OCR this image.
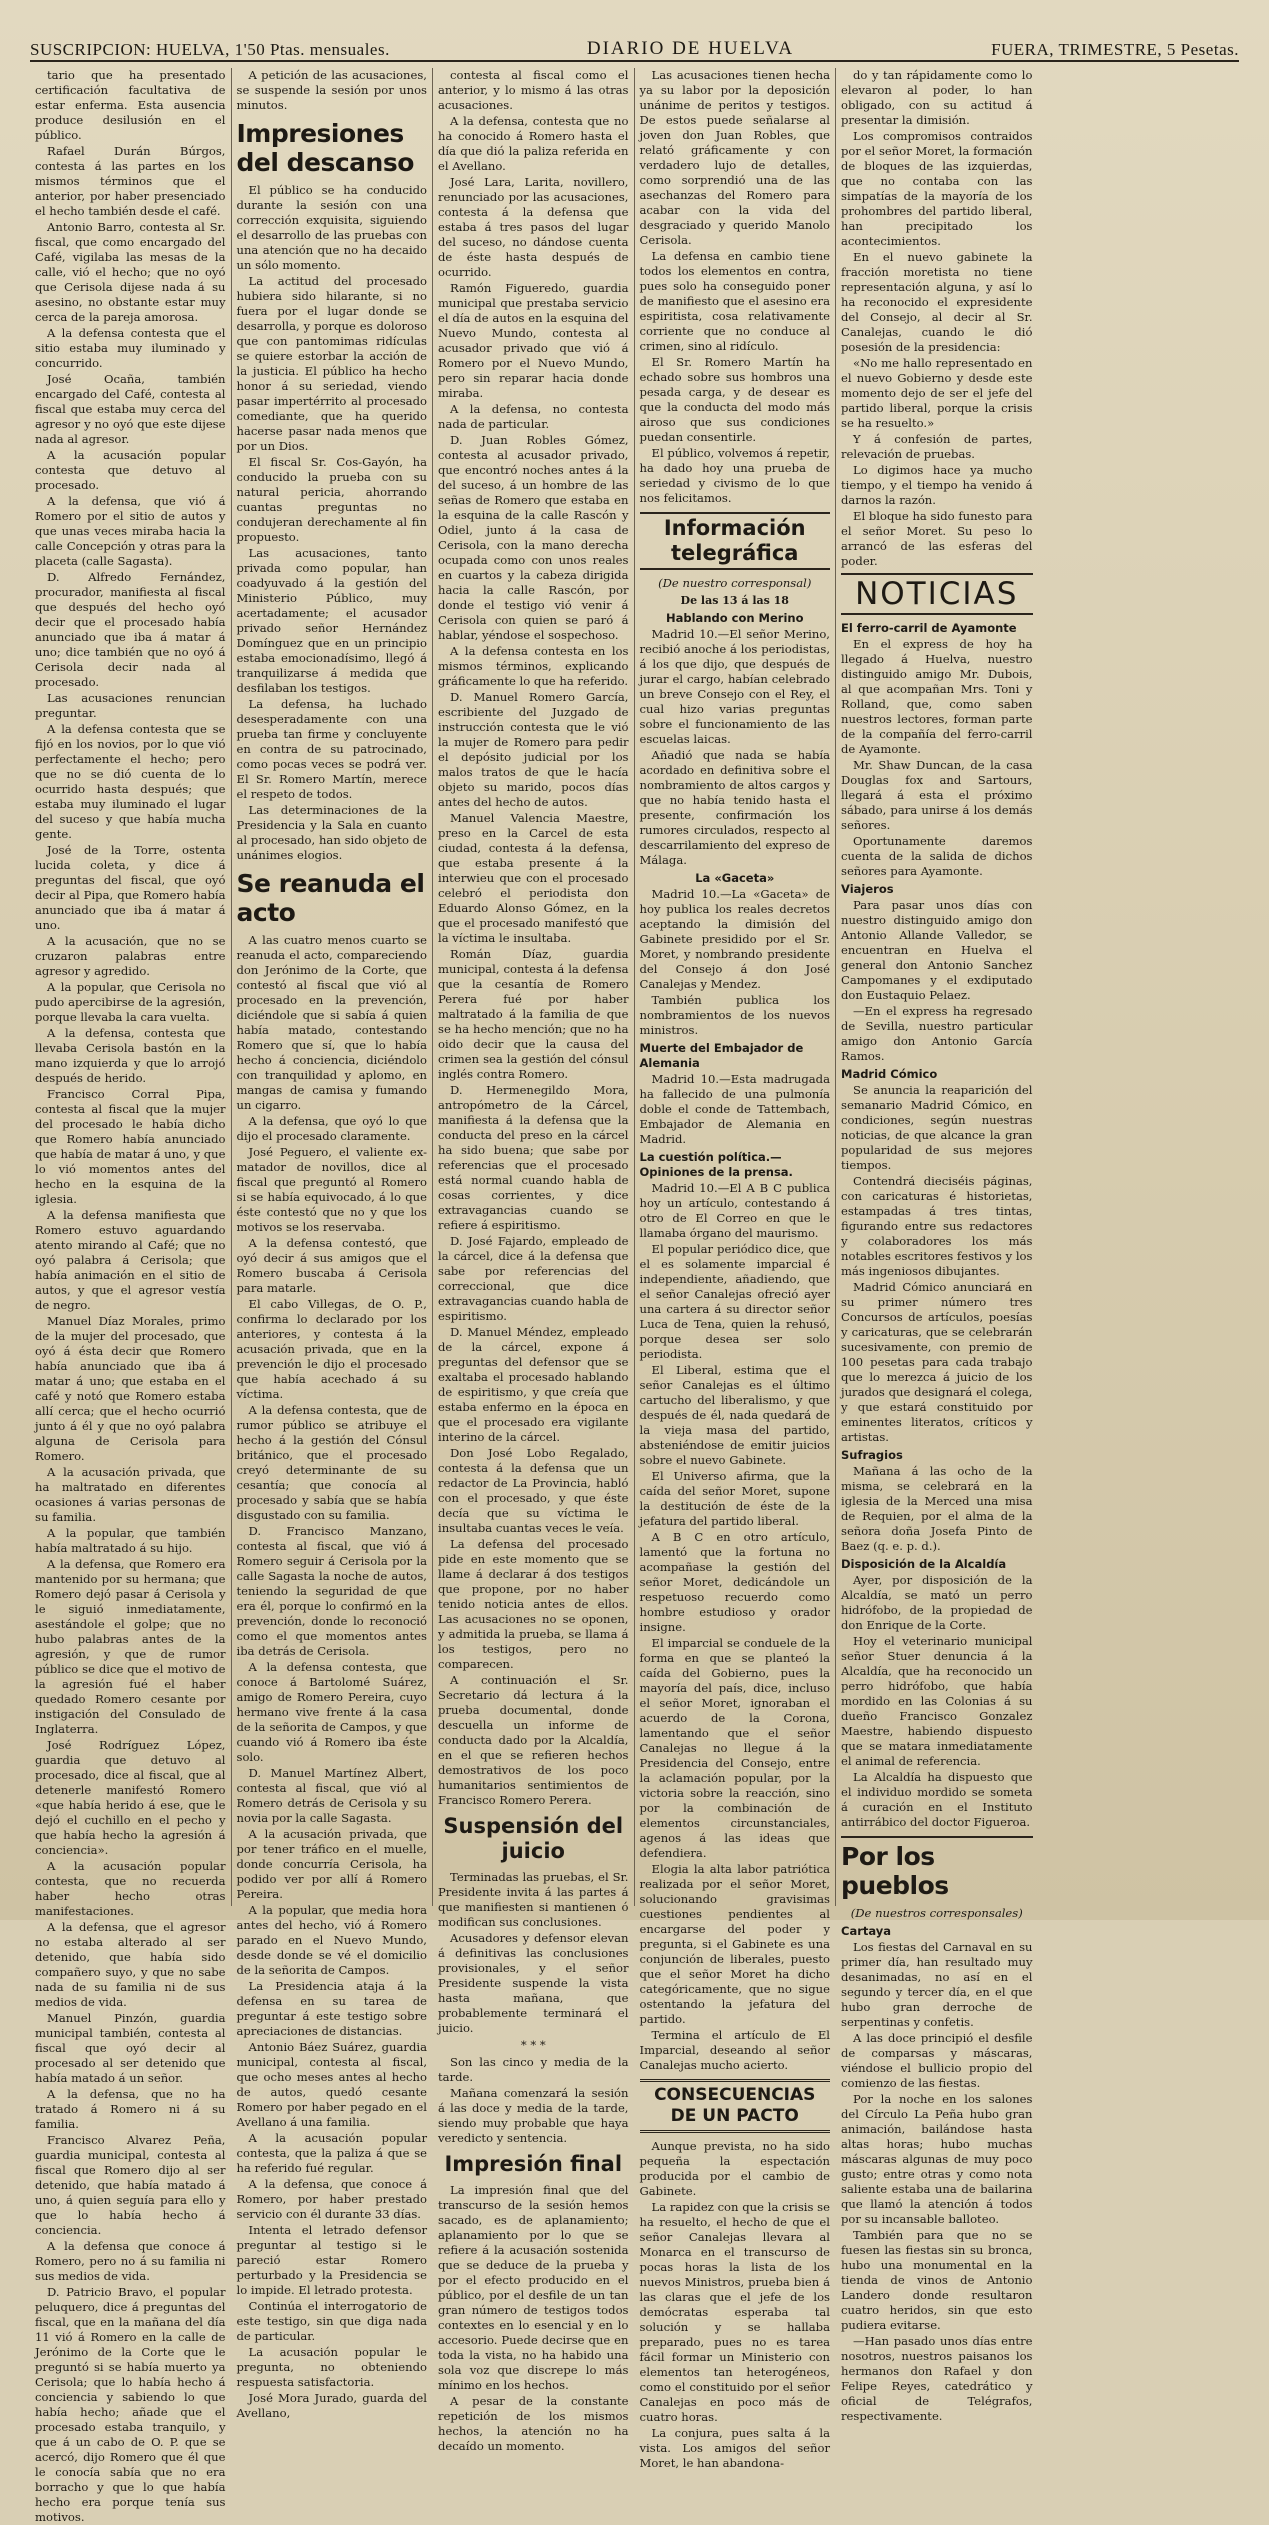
SUSCRIPCION: HUELVA, 1'50 Ptas. mensuales.	DIARIO DE HUELVA	FUERA, TRIMESTRE, 5 Pesetas.

tario que ha presentado certificación facultativa de estar enferma. Esta ausencia produce desilusión en el público.

Rafael Durán Búrgos, contesta á las partes en los mismos términos que el anterior, por haber presenciado el hecho también desde el café.

Antonio Barro, contesta al Sr. fiscal, que como encargado del Café, vigilaba las mesas de la calle, vió el hecho; que no oyó que Cerisola dijese nada á su asesino, no obstante estar muy cerca de la pareja amorosa.

A la defensa contesta que el sitio estaba muy iluminado y concurrido.

José Ocaña, también encargado del Café, contesta al fiscal que estaba muy cerca del agresor y no oyó que este dijese nada al agresor.

A la acusación popular contesta que detuvo al procesado.

A la defensa, que vió á Romero por el sitio de autos y que unas veces miraba hacia la calle Concepción y otras para la placeta (calle Sagasta).

D. Alfredo Fernández, procurador, manifiesta al fiscal que después del hecho oyó decir que el procesado había anunciado que iba á matar á uno; dice también que no oyó á Cerisola decir nada al procesado.

Las acusaciones renuncian preguntar.

A la defensa contesta que se fijó en los novios, por lo que vió perfectamente el hecho; pero que no se dió cuenta de lo ocurrido hasta después; que estaba muy iluminado el lugar del suceso y que había mucha gente.

José de la Torre, ostenta lucida coleta, y dice á preguntas del fiscal, que oyó decir al Pipa, que Romero había anunciado que iba á matar á uno.

A la acusación, que no se cruzaron palabras entre agresor y agredido.

A la popular, que Cerisola no pudo apercibirse de la agresión, porque llevaba la cara vuelta.

A la defensa, contesta que llevaba Cerisola bastón en la mano izquierda y que lo arrojó después de herido.

Francisco Corral Pipa, contesta al fiscal que la mujer del procesado le había dicho que Romero había anunciado que había de matar á uno, y que lo vió momentos antes del hecho en la esquina de la iglesia.

A la defensa manifiesta que Romero estuvo aguardando atento mirando al Café; que no oyó palabra á Cerisola; que había animación en el sitio de autos, y que el agresor vestía de negro.

Manuel Díaz Morales, primo de la mujer del procesado, que oyó á ésta decir que Romero había anunciado que iba á matar á uno; que estaba en el café y notó que Romero estaba allí cerca; que el hecho ocurrió junto á él y que no oyó palabra alguna de Cerisola para Romero.

A la acusación privada, que ha maltratado en diferentes ocasiones á varias personas de su familia.

A la popular, que también había maltratado á su hijo.

A la defensa, que Romero era mantenido por su hermana; que Romero dejó pasar á Cerisola y le siguió inmediatamente, asestándole el golpe; que no hubo palabras antes de la agresión, y que de rumor público se dice que el motivo de la agresión fué el haber quedado Romero cesante por instigación del Consulado de Inglaterra.

José Rodríguez López, guardia que detuvo al procesado, dice al fiscal, que al detenerle manifestó Romero «que había herido á ese, que le dejó el cuchillo en el pecho y que había hecho la agresión á conciencia».

A la acusación popular contesta, que no recuerda haber hecho otras manifestaciones.

A la defensa, que el agresor no estaba alterado al ser detenido, que había sido compañero suyo, y que no sabe nada de su familia ni de sus medios de vida.

Manuel Pinzón, guardia municipal también, contesta al fiscal que oyó decir al procesado al ser detenido que había matado á un señor.

A la defensa, que no ha tratado á Romero ni á su familia.

Francisco Alvarez Peña, guardia municipal, contesta al fiscal que Romero dijo al ser detenido, que había matado á uno, á quien seguía para ello y que lo había hecho á conciencia.

A la defensa que conoce á Romero, pero no á su familia ni sus medios de vida.

D. Patricio Bravo, el popular peluquero, dice á preguntas del fiscal, que en la mañana del día 11 vió á Romero en la calle de Jerónimo de la Corte que le preguntó si se había muerto ya Cerisola; que lo había hecho á conciencia y sabiendo lo que había hecho; añade que el procesado estaba tranquilo, y que á un cabo de O. P. que se acercó, dijo Romero que él que le conocía sabía que no era borracho y que lo que había hecho era porque tenía sus motivos.

A petición de las acusaciones, se suspende la sesión por unos minutos.

Impresiones del descanso

El público se ha conducido durante la sesión con una corrección exquisita, siguiendo el desarrollo de las pruebas con una atención que no ha decaido un sólo momento.

La actitud del procesado hubiera sido hilarante, si no fuera por el lugar donde se desarrolla, y porque es doloroso que con pantomimas ridículas se quiere estorbar la acción de la justicia. El público ha hecho honor á su seriedad, viendo pasar impertérrito al procesado comediante, que ha querido hacerse pasar nada menos que por un Dios.

El fiscal Sr. Cos-Gayón, ha conducido la prueba con su natural pericia, ahorrando cuantas preguntas no condujeran derechamente al fin propuesto.

Las acusaciones, tanto privada como popular, han coadyuvado á la gestión del Ministerio Público, muy acertadamente; el acusador privado señor Hernández Domínguez que en un principio estaba emocionadísimo, llegó á tranquilizarse á medida que desfilaban los testigos.

La defensa, ha luchado desesperadamente con una prueba tan firme y concluyente en contra de su patrocinado, como pocas veces se podrá ver. El Sr. Romero Martín, merece el respeto de todos.

Las determinaciones de la Presidencia y la Sala en cuanto al procesado, han sido objeto de unánimes elogios.

Se reanuda el acto

A las cuatro menos cuarto se reanuda el acto, compareciendo don Jerónimo de la Corte, que contestó al fiscal que vió al procesado en la prevención, diciéndole que si sabía á quien había matado, contestando Romero que sí, que lo había hecho á conciencia, diciéndolo con tranquilidad y aplomo, en mangas de camisa y fumando un cigarro.

A la defensa, que oyó lo que dijo el procesado claramente.

José Peguero, el valiente ex-matador de novillos, dice al fiscal que preguntó al Romero si se había equivocado, á lo que éste contestó que no y que los motivos se los reservaba.

A la defensa contestó, que oyó decir á sus amigos que el Romero buscaba á Cerisola para matarle.

El cabo Villegas, de O. P., confirma lo declarado por los anteriores, y contesta á la acusación privada, que en la prevención le dijo el procesado que había acechado á su víctima.

A la defensa contesta, que de rumor público se atribuye el hecho á la gestión del Cónsul británico, que el procesado creyó determinante de su cesantía; que conocía al procesado y sabía que se había disgustado con su familia.

D. Francisco Manzano, contesta al fiscal, que vió á Romero seguir á Cerisola por la calle Sagasta la noche de autos, teniendo la seguridad de que era él, porque lo confirmó en la prevención, donde lo reconoció como el que momentos antes iba detrás de Cerisola.

A la defensa contesta, que conoce á Bartolomé Suárez, amigo de Romero Pereira, cuyo hermano vive frente á la casa de la señorita de Campos, y que cuando vió á Romero iba éste solo.

D. Manuel Martínez Albert, contesta al fiscal, que vió al Romero detrás de Cerisola y su novia por la calle Sagasta.

A la acusación privada, que por tener tráfico en el muelle, donde concurría Cerisola, ha podido ver por allí á Romero Pereira.

A la popular, que media hora antes del hecho, vió á Romero parado en el Nuevo Mundo, desde donde se vé el domicilio de la señorita de Campos.

La Presidencia ataja á la defensa en su tarea de preguntar á este testigo sobre apreciaciones de distancias.

Antonio Báez Suárez, guardia municipal, contesta al fiscal, que ocho meses antes al hecho de autos, quedó cesante Romero por haber pegado en el Avellano á una familia.

A la acusación popular contesta, que la paliza á que se ha referido fué regular.

A la defensa, que conoce á Romero, por haber prestado servicio con él durante 33 días.

Intenta el letrado defensor preguntar al testigo si le pareció estar Romero perturbado y la Presidencia se lo impide. El letrado protesta.

Continúa el interrogatorio de este testigo, sin que diga nada de particular.

La acusación popular le pregunta, no obteniendo respuesta satisfactoria.

José Mora Jurado, guarda del Avellano,

contesta al fiscal como el anterior, y lo mismo á las otras acusaciones.

A la defensa, contesta que no ha conocido á Romero hasta el día que dió la paliza referida en el Avellano.

José Lara, Larita, novillero, renunciado por las acusaciones, contesta á la defensa que estaba á tres pasos del lugar del suceso, no dándose cuenta de éste hasta después de ocurrido.

Ramón Figueredo, guardia municipal que prestaba servicio el día de autos en la esquina del Nuevo Mundo, contesta al acusador privado que vió á Romero por el Nuevo Mundo, pero sin reparar hacia donde miraba.

A la defensa, no contesta nada de particular.

D. Juan Robles Gómez, contesta al acusador privado, que encontró noches antes á la del suceso, á un hombre de las señas de Romero que estaba en la esquina de la calle Rascón y Odiel, junto á la casa de Cerisola, con la mano derecha ocupada como con unos reales en cuartos y la cabeza dirigida hacia la calle Rascón, por donde el testigo vió venir á Cerisola con quien se paró á hablar, yéndose el sospechoso.

A la defensa contesta en los mismos términos, explicando gráficamente lo que ha referido.

D. Manuel Romero García, escribiente del Juzgado de instrucción contesta que le vió la mujer de Romero para pedir el depósito judicial por los malos tratos de que le hacía objeto su marido, pocos días antes del hecho de autos.

Manuel Valencia Maestre, preso en la Carcel de esta ciudad, contesta á la defensa, que estaba presente á la interwieu que con el procesado celebró el periodista don Eduardo Alonso Gómez, en la que el procesado manifestó que la víctima le insultaba.

Román Díaz, guardia municipal, contesta á la defensa que la cesantía de Romero Perera fué por haber maltratado á la familia de que se ha hecho mención; que no ha oido decir que la causa del crimen sea la gestión del cónsul inglés contra Romero.

D. Hermenegildo Mora, antropómetro de la Cárcel, manifiesta á la defensa que la conducta del preso en la cárcel ha sido buena; que sabe por referencias que el procesado está normal cuando habla de cosas corrientes, y dice extravagancias cuando se refiere á espiritismo.

D. José Fajardo, empleado de la cárcel, dice á la defensa que sabe por referencias del correccional, que dice extravagancias cuando habla de espiritismo.

D. Manuel Méndez, empleado de la cárcel, expone á preguntas del defensor que se exaltaba el procesado hablando de espiritismo, y que creía que estaba enfermo en la época en que el procesado era vigilante interino de la cárcel.

Don José Lobo Regalado, contesta á la defensa que un redactor de La Provincia, habló con el procesado, y que éste decía que su víctima le insultaba cuantas veces le veía.

La defensa del procesado pide en este momento que se llame á declarar á dos testigos que propone, por no haber tenido noticia antes de ellos. Las acusaciones no se oponen, y admitida la prueba, se llama á los testigos, pero no comparecen.

A continuación el Sr. Secretario dá lectura á la prueba documental, donde descuella un informe de conducta dado por la Alcaldía, en el que se refieren hechos demostrativos de los poco humanitarios sentimientos de Francisco Romero Perera.

Suspensión del juicio

Terminadas las pruebas, el Sr. Presidente invita á las partes á que manifiesten si mantienen ó modifican sus conclusiones.

Acusadores y defensor elevan á definitivas las conclusiones provisionales, y el señor Presidente suspende la vista hasta mañana, que probablemente terminará el juicio.

* * *

Son las cinco y media de la tarde.

Mañana comenzará la sesión á las doce y media de la tarde, siendo muy probable que haya veredicto y sentencia.

Impresión final

La impresión final que del transcurso de la sesión hemos sacado, es de aplanamiento; aplanamiento por lo que se refiere á la acusación sostenida que se deduce de la prueba y por el efecto producido en el público, por el desfile de un tan gran número de testigos todos contextes en lo esencial y en lo accesorio. Puede decirse que en toda la vista, no ha habido una sola voz que discrepe lo más mínimo en los hechos.

A pesar de la constante repetición de los mismos hechos, la atención no ha decaído un momento.

Las acusaciones tienen hecha ya su labor por la deposición unánime de peritos y testigos. De estos puede señalarse al joven don Juan Robles, que relató gráficamente y con verdadero lujo de detalles, como sorprendió una de las asechanzas del Romero para acabar con la vida del desgraciado y querido Manolo Cerisola.

La defensa en cambio tiene todos los elementos en contra, pues solo ha conseguido poner de manifiesto que el asesino era espiritista, cosa relativamente corriente que no conduce al crimen, sino al ridículo.

El Sr. Romero Martín ha echado sobre sus hombros una pesada carga, y de desear es que la conducta del modo más airoso que sus condiciones puedan consentirle.

El público, volvemos á repetir, ha dado hoy una prueba de seriedad y civismo de lo que nos felicitamos.

Información telegráfica
(De nuestro corresponsal)
De las 13 á las 18
Hablando con Merino

Madrid 10.—El señor Merino, recibió anoche á los periodistas, á los que dijo, que después de jurar el cargo, habían celebrado un breve Consejo con el Rey, el cual hizo varias preguntas sobre el funcionamiento de las escuelas laicas.

Añadió que nada se había acordado en definitiva sobre el nombramiento de altos cargos y que no había tenido hasta el presente, confirmación los rumores circulados, respecto al descarrilamiento del expreso de Málaga.

La «Gaceta»

Madrid 10.—La «Gaceta» de hoy publica los reales decretos aceptando la dimisión del Gabinete presidido por el Sr. Moret, y nombrando presidente del Consejo á don José Canalejas y Mendez.

También publica los nombramientos de los nuevos ministros.

Muerte del Embajador de Alemania

Madrid 10.—Esta madrugada ha fallecido de una pulmonía doble el conde de Tattembach, Embajador de Alemania en Madrid.

La cuestión política.—Opiniones de la prensa.

Madrid 10.—El A B C publica hoy un artículo, contestando á otro de El Correo en que le llamaba órgano del maurismo.

El popular periódico dice, que el es solamente imparcial é independiente, añadiendo, que el señor Canalejas ofreció ayer una cartera á su director señor Luca de Tena, quien la rehusó, porque desea ser solo periodista.

El Liberal, estima que el señor Canalejas es el último cartucho del liberalismo, y que después de él, nada quedará de la vieja masa del partido, absteniéndose de emitir juicios sobre el nuevo Gabinete.

El Universo afirma, que la caída del señor Moret, supone la destitución de éste de la jefatura del partido liberal.

A B C en otro artículo, lamentó que la fortuna no acompañase la gestión del señor Moret, dedicándole un respetuoso recuerdo como hombre estudioso y orador insigne.

El imparcial se conduele de la forma en que se planteó la caída del Gobierno, pues la mayoría del país, dice, incluso el señor Moret, ignoraban el acuerdo de la Corona, lamentando que el señor Canalejas no llegue á la Presidencia del Consejo, entre la aclamación popular, por la victoria sobre la reacción, sino por la combinación de elementos circunstanciales, agenos á las ideas que defendiera.

Elogia la alta labor patriótica realizada por el señor Moret, solucionando gravisimas cuestiones pendientes al encargarse del poder y pregunta, si el Gabinete es una conjunción de liberales, puesto que el señor Moret ha dicho categóricamente, que no sigue ostentando la jefatura del partido.

Termina el artículo de El Imparcial, deseando al señor Canalejas mucho acierto.

CONSECUENCIAS DE UN PACTO

Aunque prevista, no ha sido pequeña la espectación producida por el cambio de Gabinete.

La rapidez con que la crisis se ha resuelto, el hecho de que el señor Canalejas llevara al Monarca en el transcurso de pocas horas la lista de los nuevos Ministros, prueba bien á las claras que el jefe de los demócratas esperaba tal solución y se hallaba preparado, pues no es tarea fácil formar un Ministerio con elementos tan heterogéneos, como el constituido por el señor Canalejas en poco más de cuatro horas.

La conjura, pues salta á la vista. Los amigos del señor Moret, le han abandona-

do y tan rápidamente como lo elevaron al poder, lo han obligado, con su actitud á presentar la dimisión.

Los compromisos contraidos por el señor Moret, la formación de bloques de las izquierdas, que no contaba con las simpatías de la mayoría de los prohombres del partido liberal, han precipitado los acontecimientos.

En el nuevo gabinete la fracción moretista no tiene representación alguna, y así lo ha reconocido el expresidente del Consejo, al decir al Sr. Canalejas, cuando le dió posesión de la presidencia:

«No me hallo representado en el nuevo Gobierno y desde este momento dejo de ser el jefe del partido liberal, porque la crisis se ha resuelto.»

Y á confesión de partes, relevación de pruebas.

Lo digimos hace ya mucho tiempo, y el tiempo ha venido á darnos la razón.

El bloque ha sido funesto para el señor Moret. Su peso lo arrancó de las esferas del poder.

NOTICIAS
El ferro-carril de Ayamonte

En el express de hoy ha llegado á Huelva, nuestro distinguido amigo Mr. Dubois, al que acompañan Mrs. Toni y Rolland, que, como saben nuestros lectores, forman parte de la compañía del ferro-carril de Ayamonte.

Mr. Shaw Duncan, de la casa Douglas fox and Sartours, llegará á esta el próximo sábado, para unirse á los demás señores.

Oportunamente daremos cuenta de la salida de dichos señores para Ayamonte.

Viajeros

Para pasar unos días con nuestro distinguido amigo don Antonio Allande Valledor, se encuentran en Huelva el general don Antonio Sanchez Campomanes y el exdiputado don Eustaquio Pelaez.

—En el express ha regresado de Sevilla, nuestro particular amigo don Antonio García Ramos.

Madrid Cómico

Se anuncia la reaparición del semanario Madrid Cómico, en condiciones, según nuestras noticias, de que alcance la gran popularidad de sus mejores tiempos.

Contendrá dieciséis páginas, con caricaturas é historietas, estampadas á tres tintas, figurando entre sus redactores y colaboradores los más notables escritores festivos y los más ingeniosos dibujantes.

Madrid Cómico anunciará en su primer número tres Concursos de artículos, poesías y caricaturas, que se celebrarán sucesivamente, con premio de 100 pesetas para cada trabajo que lo merezca á juicio de los jurados que designará el colega, y que estará constituido por eminentes literatos, críticos y artistas.

Sufragios

Mañana á las ocho de la misma, se celebrará en la iglesia de la Merced una misa de Requien, por el alma de la señora doña Josefa Pinto de Baez (q. e. p. d.).

Disposición de la Alcaldía

Ayer, por disposición de la Alcaldía, se mató un perro hidrófobo, de la propiedad de don Enrique de la Corte.

Hoy el veterinario municipal señor Stuer denuncia á la Alcaldía, que ha reconocido un perro hidrófobo, que había mordido en las Colonias á su dueño Francisco Gonzalez Maestre, habiendo dispuesto que se matara inmediatamente el animal de referencia.

La Alcaldía ha dispuesto que el individuo mordido se someta á curación en el Instituto antirrábico del doctor Figueroa.

Por los pueblos
(De nuestros corresponsales)
Cartaya

Los fiestas del Carnaval en su primer día, han resultado muy desanimadas, no así en el segundo y tercer día, en el que hubo gran derroche de serpentinas y confetis.

A las doce principió el desfile de comparsas y máscaras, viéndose el bullicio propio del comienzo de las fiestas.

Por la noche en los salones del Círculo La Peña hubo gran animación, bailándose hasta altas horas; hubo muchas máscaras algunas de muy poco gusto; entre otras y como nota saliente estaba una de bailarina que llamó la atención á todos por su incansable balloteo.

También para que no se fuesen las fiestas sin su bronca, hubo una monumental en la tienda de vinos de Antonio Landero donde resultaron cuatro heridos, sin que esto pudiera evitarse.

—Han pasado unos días entre nosotros, nuestros paisanos los hermanos don Rafael y don Felipe Reyes, catedrático y oficial de Telégrafos, respectivamente.
